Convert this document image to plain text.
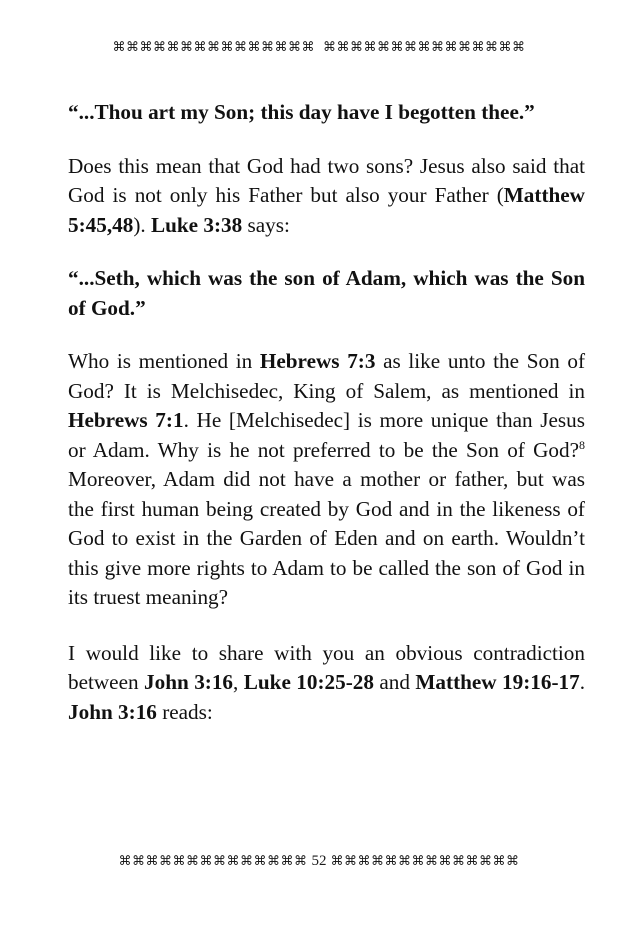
⌘⌘⌘⌘⌘⌘⌘⌘⌘⌘⌘⌘⌘⌘⌘ ⌘⌘⌘⌘⌘⌘⌘⌘⌘⌘⌘⌘⌘⌘⌘

“...Thou art my Son; this day have I begotten thee.”

Does this mean that God had two sons? Jesus also said that God is not only his Father but also your Father (Matthew 5:45,48). Luke 3:38 says:

“...Seth, which was the son of Adam, which was the Son of God.”

Who is mentioned in Hebrews 7:3 as like unto the Son of God? It is Melchisedec, King of Salem, as mentioned in Hebrews 7:1. He [Melchisedec] is more unique than Jesus or Adam. Why is he not preferred to be the Son of God?$^8$ Moreover, Adam did not have a mother or father, but was the first human being created by God and in the likeness of God to exist in the Garden of Eden and on earth. Wouldn’t this give more rights to Adam to be called the son of God in its truest meaning?

I would like to share with you an obvious contradiction between John 3:16, Luke 10:25-28 and Matthew 19:16-17. John 3:16 reads:

⌘⌘⌘⌘⌘⌘⌘⌘⌘⌘⌘⌘⌘⌘ 52 ⌘⌘⌘⌘⌘⌘⌘⌘⌘⌘⌘⌘⌘⌘
